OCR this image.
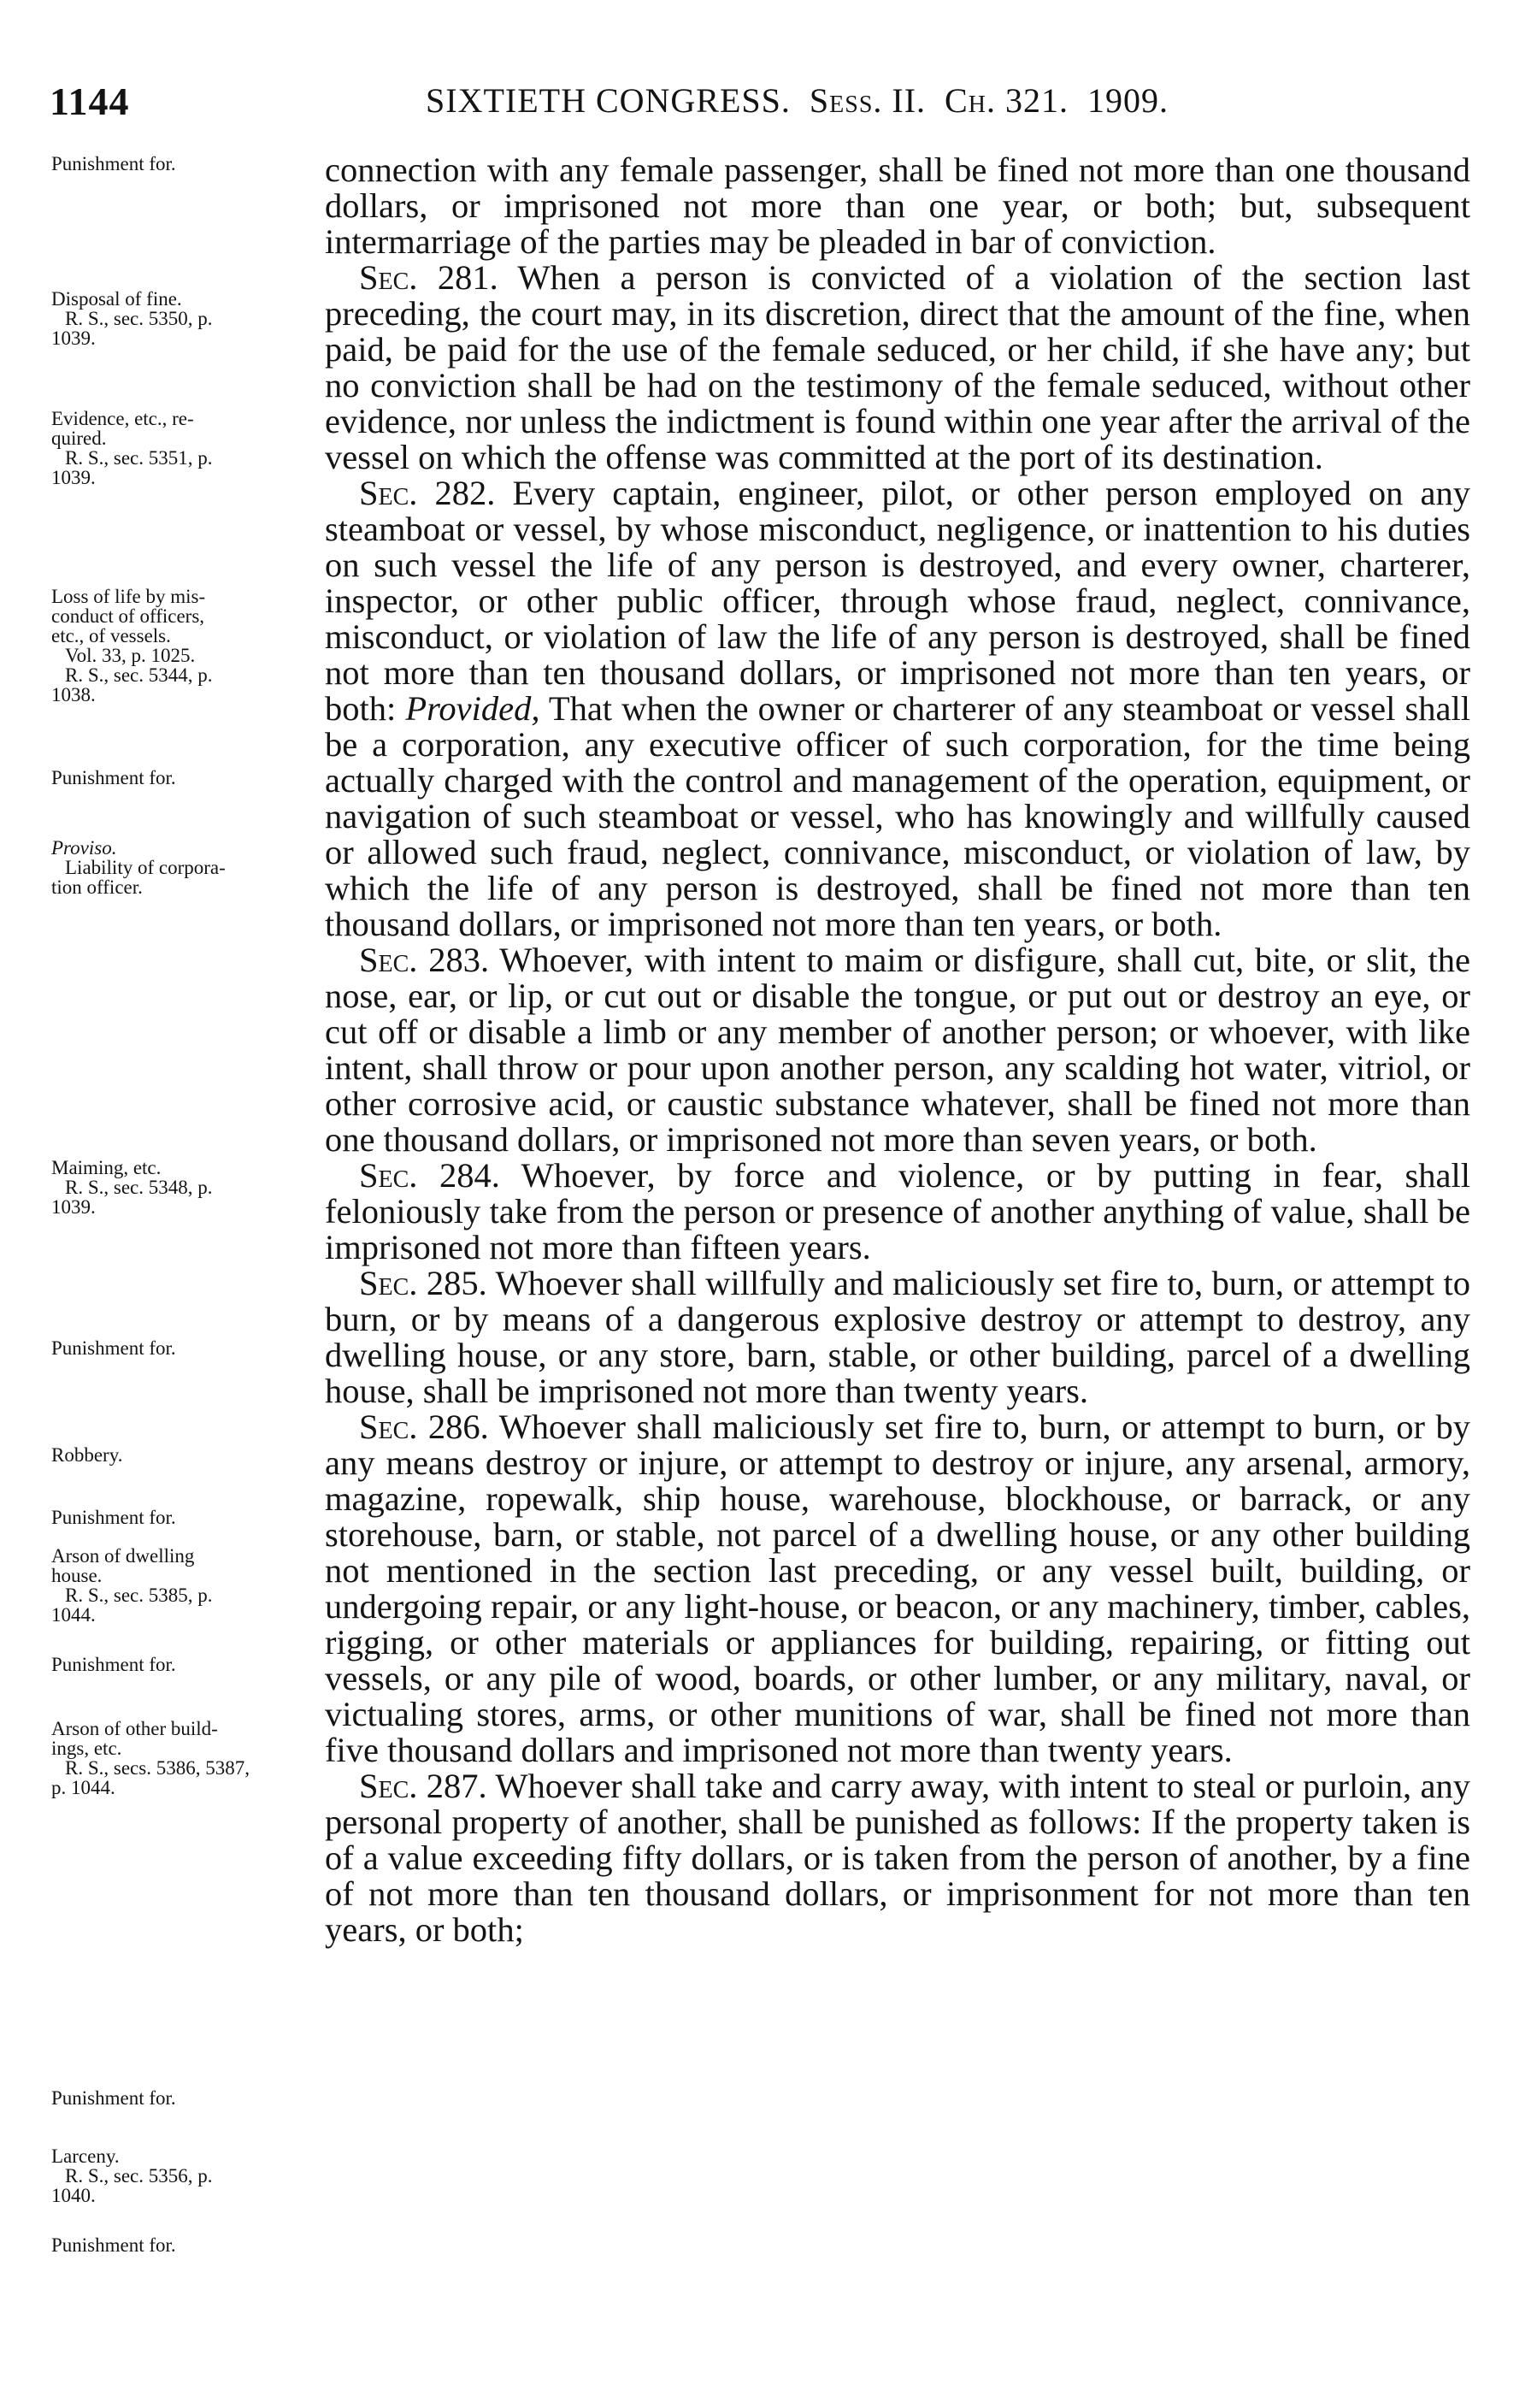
1144	SIXTIETH CONGRESS. Sess. II. Ch. 321. 1909.
Punishment for.
Disposal of fine.
R. S., sec. 5350, p.
1039.
Evidence, etc., re-
quired.
R. S., sec. 5351, p.
1039.
Loss of life by mis-
conduct of officers,
etc., of vessels.
Vol. 33, p. 1025.
R. S., sec. 5344, p.
1038.
Punishment for.
Proviso.
Liability of corpora-
tion officer.
Maiming, etc.
R. S., sec. 5348, p.
1039.
Punishment for.
Robbery.
Punishment for.
Arson of dwelling
house.
R. S., sec. 5385, p.
1044.
Punishment for.
Arson of other build-
ings, etc.
R. S., secs. 5386, 5387,
p. 1044.
Punishment for.
Larceny.
R. S., sec. 5356, p.
1040.
Punishment for.

connection with any female passenger, shall be fined not more than one thousand dollars, or imprisoned not more than one year, or both; but, subsequent intermarriage of the parties may be pleaded in bar of conviction.

Sec. 281. When a person is convicted of a violation of the section last preceding, the court may, in its discretion, direct that the amount of the fine, when paid, be paid for the use of the female seduced, or her child, if she have any; but no conviction shall be had on the testimony of the female seduced, without other evidence, nor unless the indictment is found within one year after the arrival of the vessel on which the offense was committed at the port of its destination.

Sec. 282. Every captain, engineer, pilot, or other person employed on any steamboat or vessel, by whose misconduct, negligence, or inattention to his duties on such vessel the life of any person is destroyed, and every owner, charterer, inspector, or other public officer, through whose fraud, neglect, connivance, misconduct, or violation of law the life of any person is destroyed, shall be fined not more than ten thousand dollars, or imprisoned not more than ten years, or both: Provided, That when the owner or charterer of any steamboat or vessel shall be a corporation, any executive officer of such corporation, for the time being actually charged with the control and management of the operation, equipment, or navigation of such steamboat or vessel, who has knowingly and willfully caused or allowed such fraud, neglect, connivance, misconduct, or violation of law, by which the life of any person is destroyed, shall be fined not more than ten thousand dollars, or imprisoned not more than ten years, or both.

Sec. 283. Whoever, with intent to maim or disfigure, shall cut, bite, or slit, the nose, ear, or lip, or cut out or disable the tongue, or put out or destroy an eye, or cut off or disable a limb or any member of another person; or whoever, with like intent, shall throw or pour upon another person, any scalding hot water, vitriol, or other corrosive acid, or caustic substance whatever, shall be fined not more than one thousand dollars, or imprisoned not more than seven years, or both.

Sec. 284. Whoever, by force and violence, or by putting in fear, shall feloniously take from the person or presence of another anything of value, shall be imprisoned not more than fifteen years.

Sec. 285. Whoever shall willfully and maliciously set fire to, burn, or attempt to burn, or by means of a dangerous explosive destroy or attempt to destroy, any dwelling house, or any store, barn, stable, or other building, parcel of a dwelling house, shall be imprisoned not more than twenty years.

Sec. 286. Whoever shall maliciously set fire to, burn, or attempt to burn, or by any means destroy or injure, or attempt to destroy or injure, any arsenal, armory, magazine, ropewalk, ship house, warehouse, blockhouse, or barrack, or any storehouse, barn, or stable, not parcel of a dwelling house, or any other building not mentioned in the section last preceding, or any vessel built, building, or undergoing repair, or any light-house, or beacon, or any machinery, timber, cables, rigging, or other materials or appliances for building, repairing, or fitting out vessels, or any pile of wood, boards, or other lumber, or any military, naval, or victualing stores, arms, or other munitions of war, shall be fined not more than five thousand dollars and imprisoned not more than twenty years.

Sec. 287. Whoever shall take and carry away, with intent to steal or purloin, any personal property of another, shall be punished as follows: If the property taken is of a value exceeding fifty dollars, or is taken from the person of another, by a fine of not more than ten thousand dollars, or imprisonment for not more than ten years, or both;
